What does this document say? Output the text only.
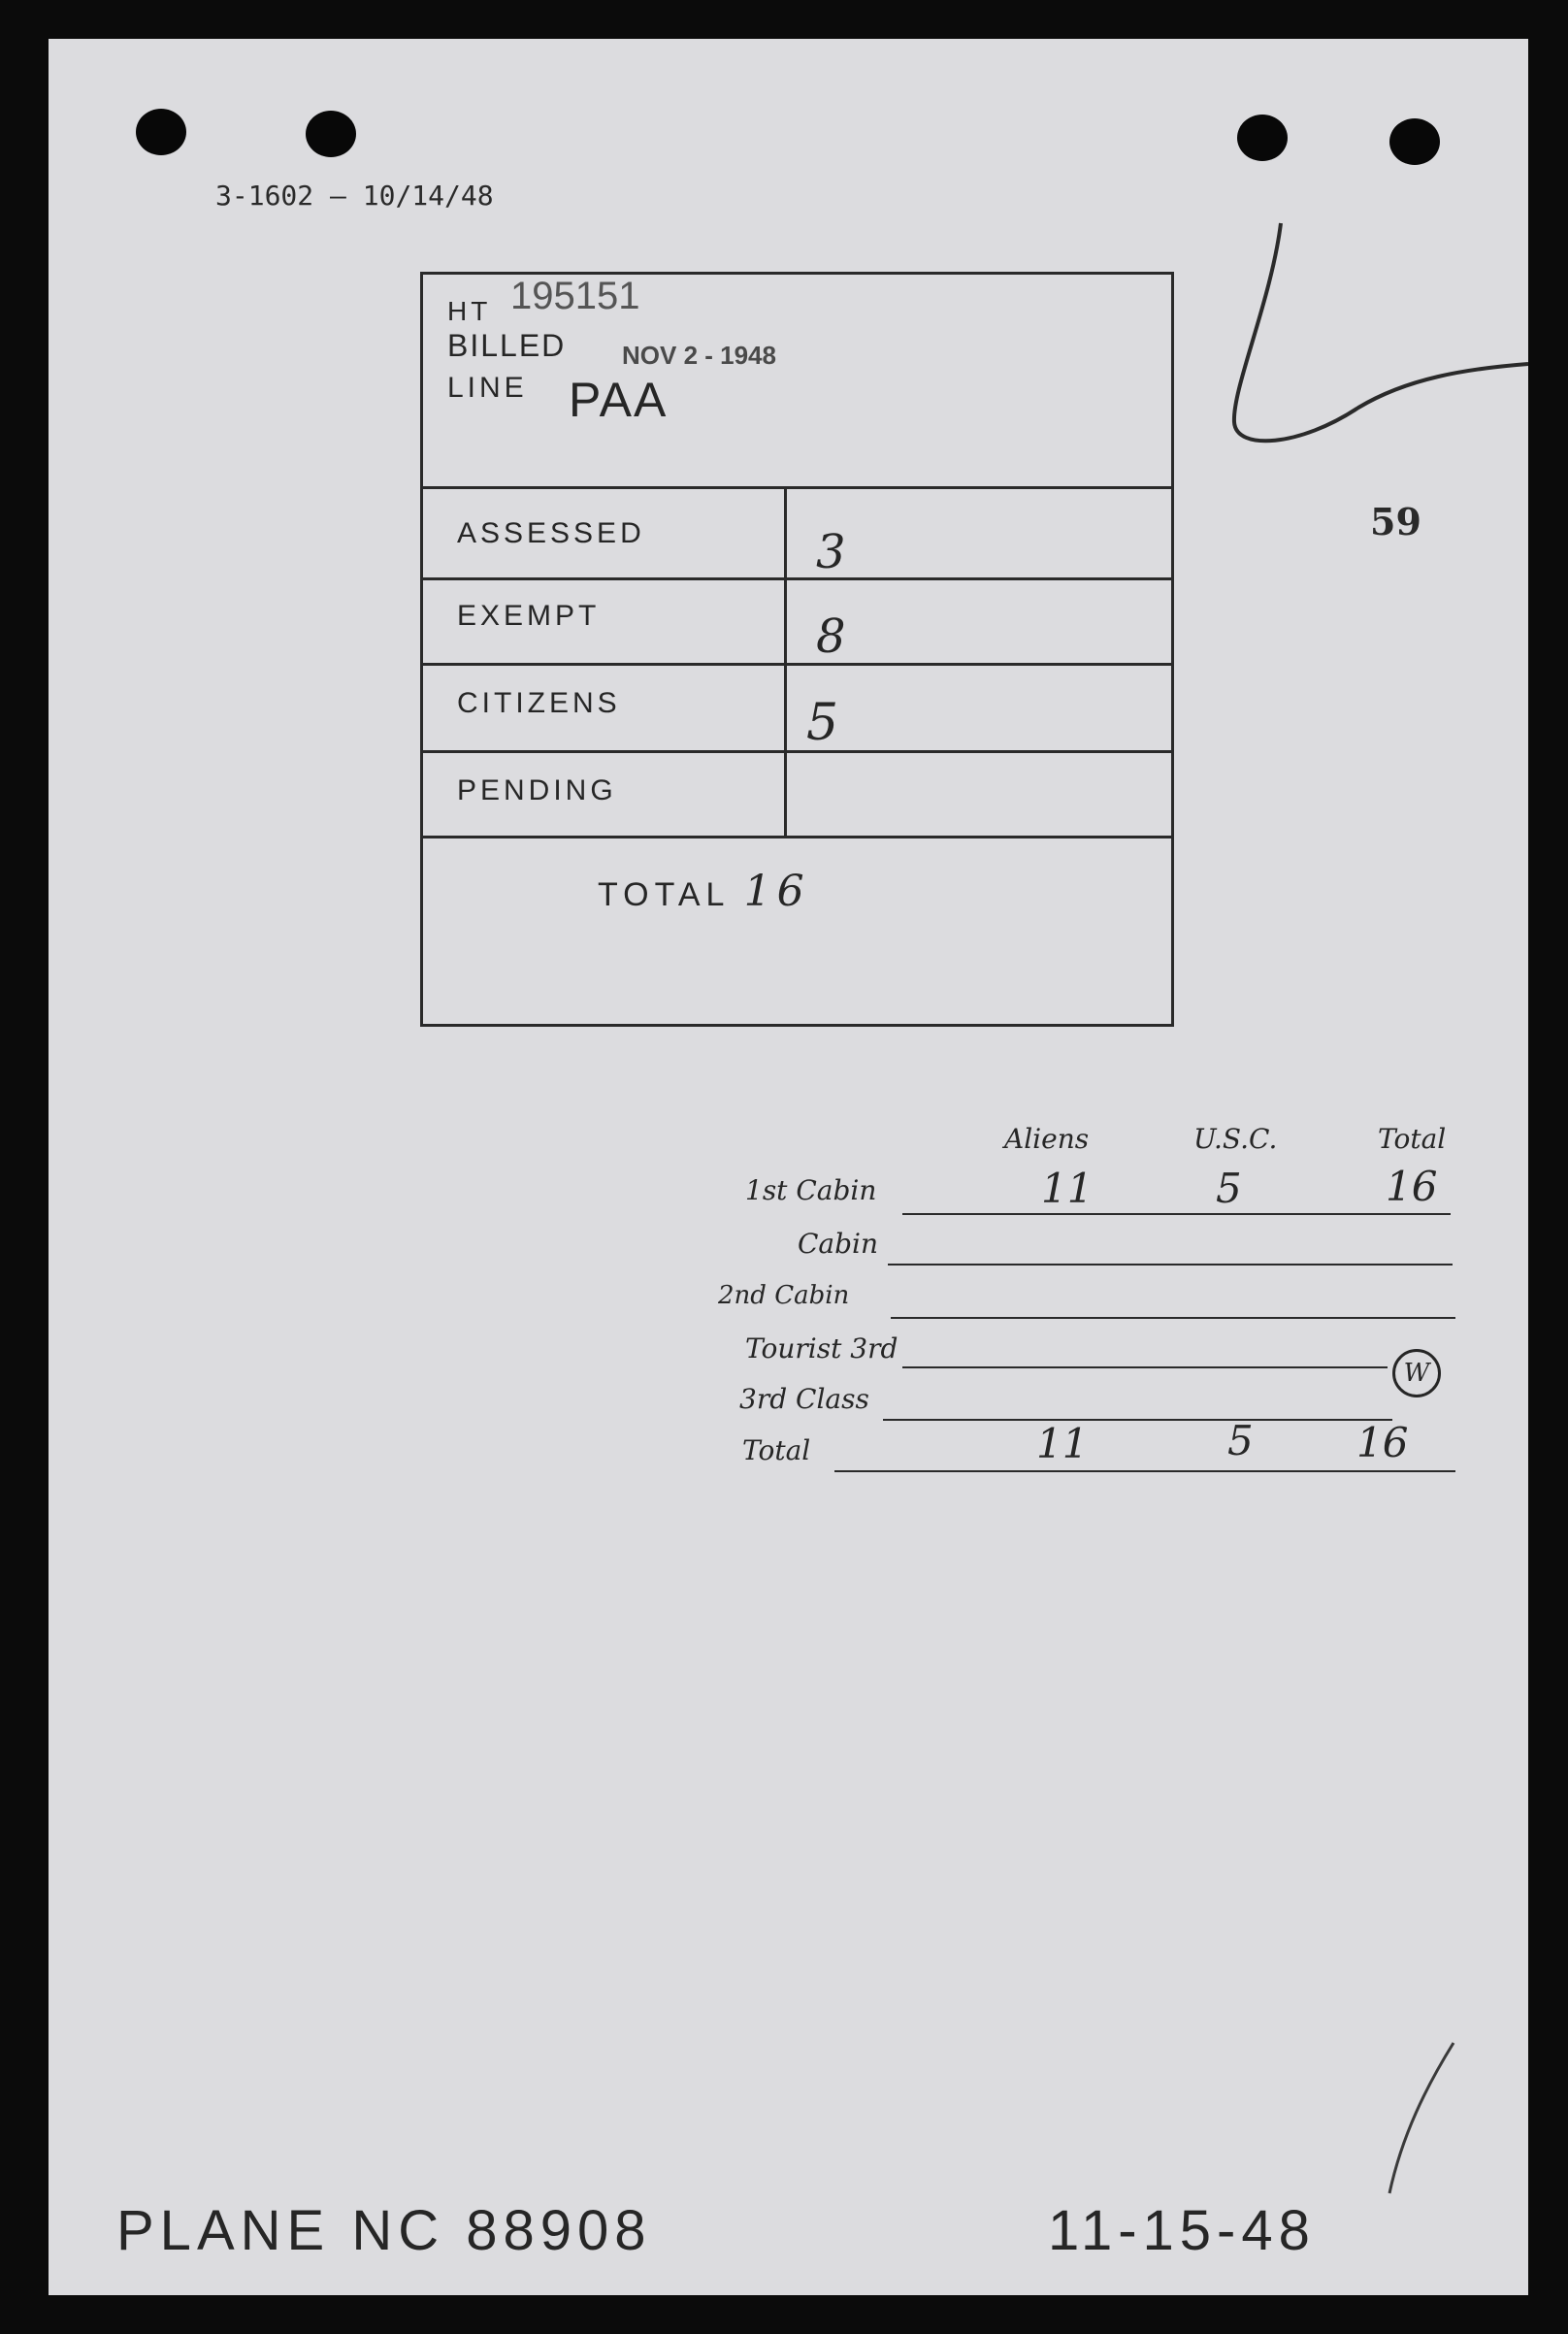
3-1602 — 10/14/48
59
HT 195151
BILLED NOV 2 - 1948
LINE PAA
ASSESSED	3
EXEMPT	8
CITIZENS	5
PENDING
TOTAL 16
Aliens	U.S.C.	Total
1st Cabin	11	5	16
Cabin
2nd Cabin
Tourist 3rd
W
3rd Class
Total	11	5	16
PLANE NC 88908	11-15-48
